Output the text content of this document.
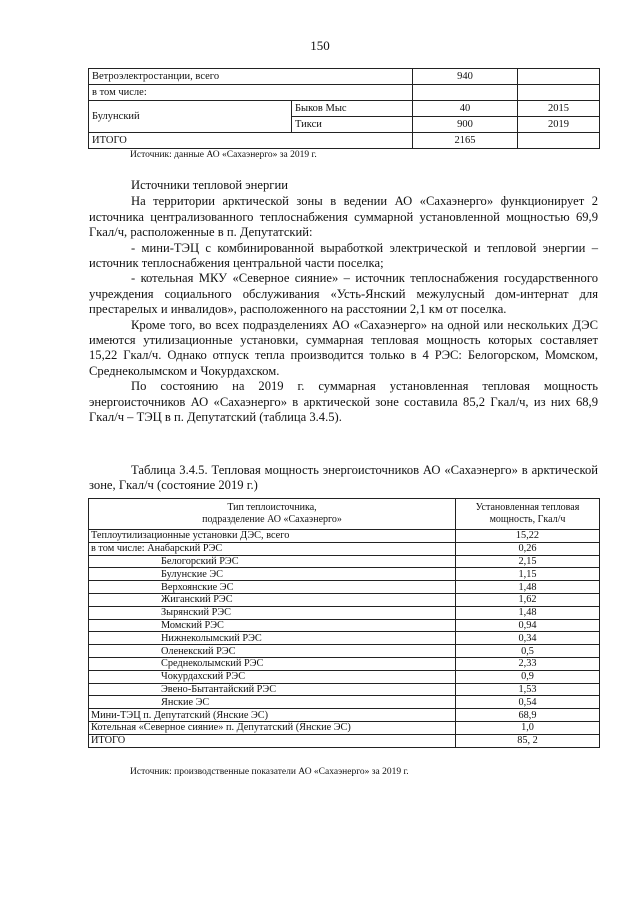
150
Ветроэлектростанции, всего		940	
в том числе:			
Булунский	Быков Мыс	40	2015
	Тикси	900	2019
ИТОГО		2165	
Источник: данные АО «Сахаэнерго» за 2019 г.

Источники тепловой энергии

На территории арктической зоны в ведении АО «Сахаэнерго» функционирует 2 источника централизованного теплоснабжения суммарной установленной мощностью 69,9 Гкал/ч, расположенные в п. Депутатский:

- мини-ТЭЦ с комбинированной выработкой электрической и тепловой энергии – источник теплоснабжения центральной части поселка;

- котельная МКУ «Северное сияние» – источник теплоснабжения государственного учреждения социального обслуживания «Усть-Янский межулусный дом-интернат для престарелых и инвалидов», расположенного на расстоянии 2,1 км от поселка.

Кроме того, во всех подразделениях АО «Сахаэнерго» на одной или нескольких ДЭС имеются утилизационные установки, суммарная тепловая мощность которых составляет 15,22 Гкал/ч. Однако отпуск тепла производится только в 4 РЭС: Белогорском, Момском, Среднеколымском и Чокурдахском.

По состоянию на 2019 г. суммарная установленная тепловая мощность энергоисточников АО «Сахаэнерго» в арктической зоне составила 85,2 Гкал/ч, из них 68,9 Гкал/ч – ТЭЦ в п. Депутатский (таблица 3.4.5).

Таблица 3.4.5. Тепловая мощность энергоисточников АО «Сахаэнерго» в арктической зоне, Гкал/ч (состояние 2019 г.)
Тип теплоисточника,
подразделение АО «Сахаэнерго»	Установленная тепловая
мощность, Гкал/ч
Теплоутилизационные установки ДЭС, всего	15,22
в том числе: Анабарский РЭС	0,26
Белогорский РЭС	2,15
Булунские ЭС	1,15
Верхоянские ЭС	1,48
Жиганский РЭС	1,62
Зырянский РЭС	1,48
Момский РЭС	0,94
Нижнеколымский РЭС	0,34
Оленекский РЭС	0,5
Среднеколымский РЭС	2,33
Чокурдахский РЭС	0,9
Эвено-Бытантайский РЭС	1,53
Янские ЭС	0,54
Мини-ТЭЦ п. Депутатский (Янские ЭС)	68,9
Котельная «Северное сияние» п. Депутатский (Янские ЭС)	1,0
ИТОГО	85, 2
Источник: производственные показатели АО «Сахаэнерго» за 2019 г.
